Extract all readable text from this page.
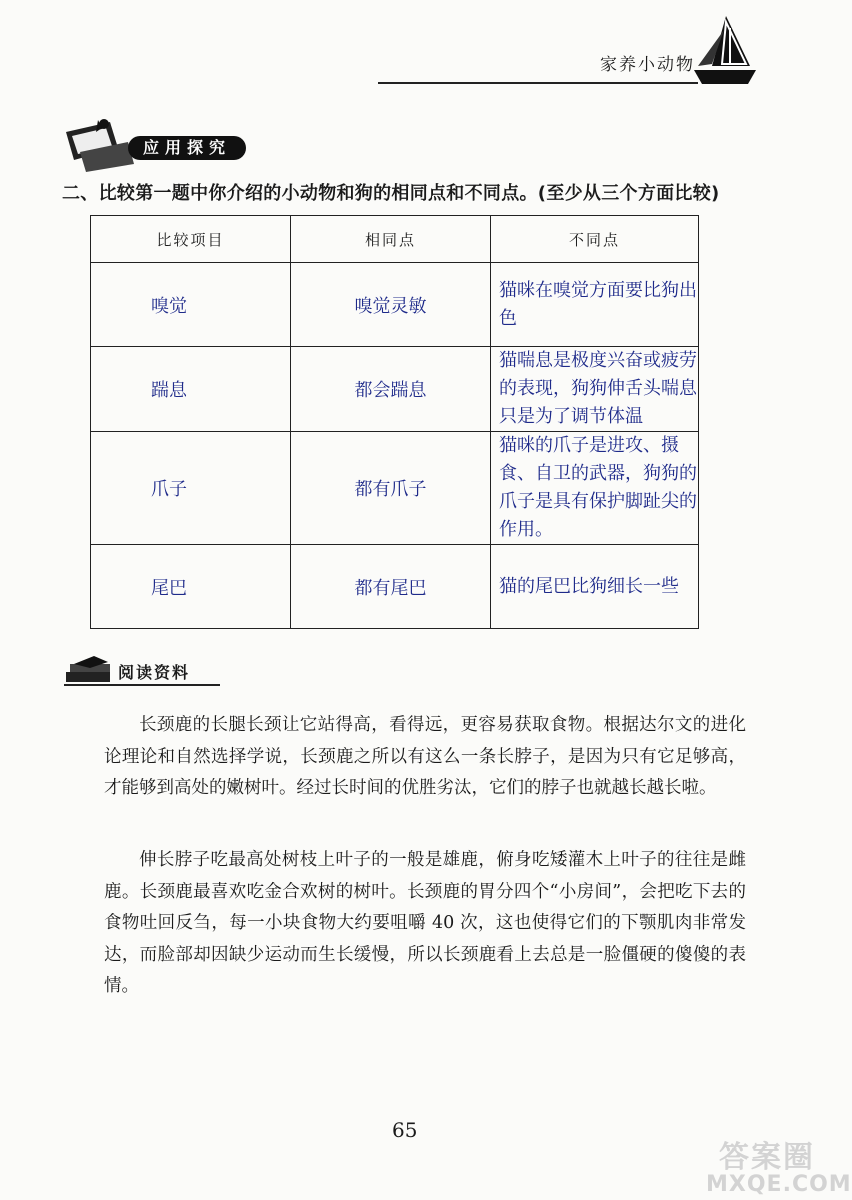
家养小动物
应用探究
二、比较第一题中你介绍的小动物和狗的相同点和不同点。(至少从三个方面比较)
比较项目	相同点	不同点
嗅觉	嗅觉灵敏	猫咪在嗅觉方面要比狗出色
踹息	都会踹息	猫喘息是极度兴奋或疲劳的表现，狗狗伸舌头喘息只是为了调节体温
爪子	都有爪子	猫咪的爪子是进攻、摄食、自卫的武器，狗狗的爪子是具有保护脚趾尖的作用。
尾巴	都有尾巴	猫的尾巴比狗细长一些
阅读资料

长颈鹿的长腿长颈让它站得高，看得远，更容易获取食物。根据达尔文的进化论理论和自然选择学说，长颈鹿之所以有这么一条长脖子，是因为只有它足够高，才能够到高处的嫩树叶。经过长时间的优胜劣汰，它们的脖子也就越长越长啦。

伸长脖子吃最高处树枝上叶子的一般是雄鹿，俯身吃矮灌木上叶子的往往是雌鹿。长颈鹿最喜欢吃金合欢树的树叶。长颈鹿的胃分四个“小房间”，会把吃下去的食物吐回反刍，每一小块食物大约要咀嚼 40 次，这也使得它们的下颚肌肉非常发达，而脸部却因缺少运动而生长缓慢，所以长颈鹿看上去总是一脸僵硬的傻傻的表情。

65
答案圈
MXQE.COM
